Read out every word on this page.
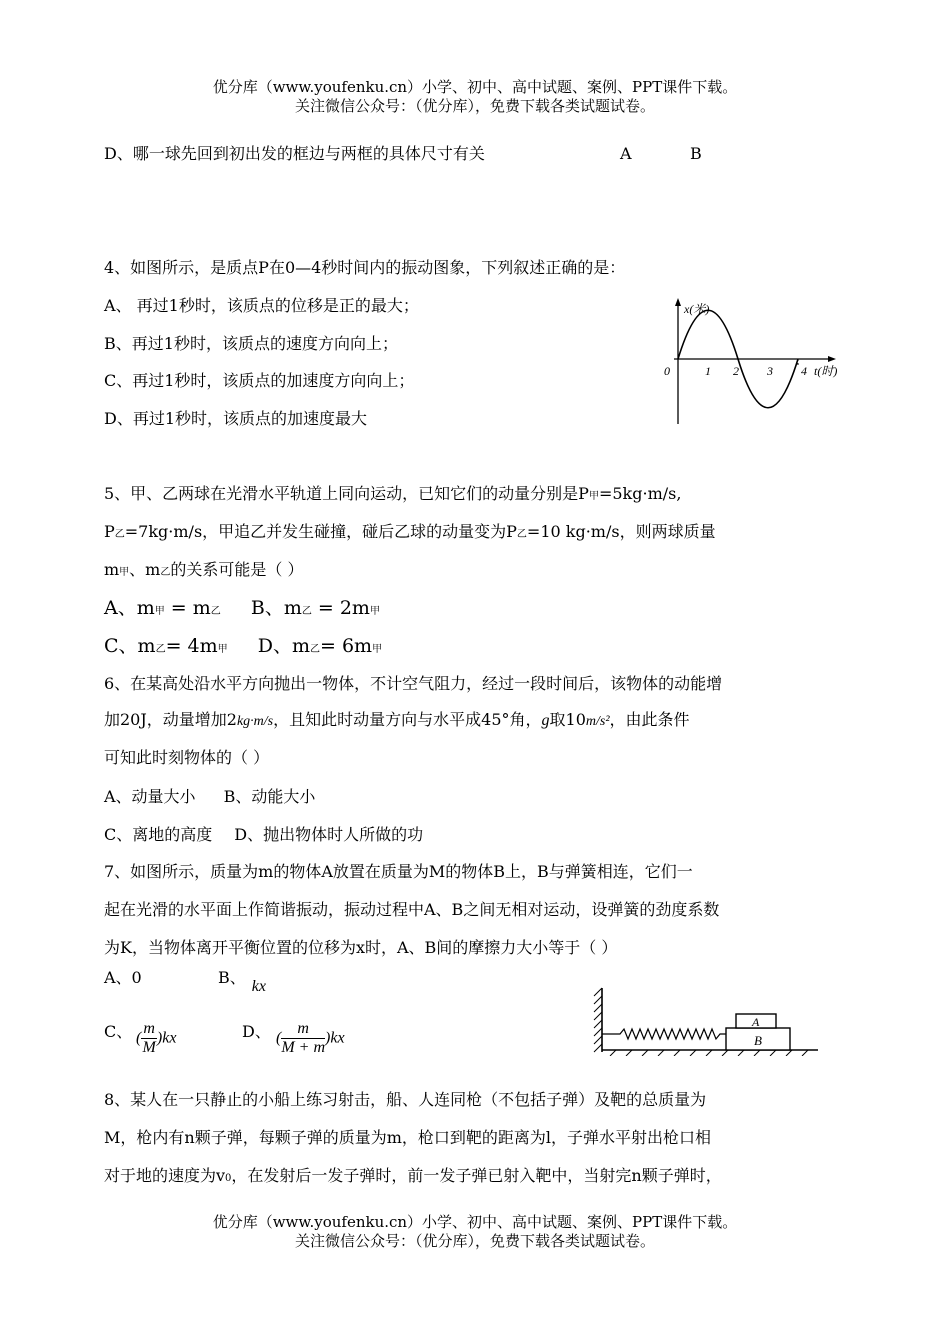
优分库（www.youfenku.cn）小学、初中、高中试题、案例、PPT课件下载。
关注微信公众号：（优分库），免费下载各类试题试卷。
D、哪一球先回到初出发的框边与两框的具体尺寸有关	A	B
4、如图所示，是质点P在0—4秒时间内的振动图象，下列叙述正确的是：
A、 再过1秒时，该质点的位移是正的最大；
B、再过1秒时，该质点的速度方向向上；
C、再过1秒时，该质点的加速度方向向上；
D、再过1秒时，该质点的加速度最大
x(米)
0	1 2 3 4 t(时)
5、甲、乙两球在光滑水平轨道上同向运动，已知它们的动量分别是P甲=5kg·m/s,
P乙=7kg·m/s，甲追乙并发生碰撞，碰后乙球的动量变为P乙=10 kg·m/s，则两球质量
m甲、m乙的关系可能是（ ）
A、m甲 = m乙 B、m乙 = 2m甲
C、m乙= 4m甲 D、m乙= 6m甲
6、在某高处沿水平方向抛出一物体，不计空气阻力，经过一段时间后，该物体的动能增
加20J，动量增加2kg·m/s，且知此时动量方向与水平成45°角，g取10m/s²，由此条件
可知此时刻物体的（ ）
A、动量大小 B、动能大小
C、离地的高度 D、抛出物体时人所做的功
7、如图所示，质量为m的物体A放置在质量为M的物体B上，B与弹簧相连，它们一
起在光滑的水平面上作简谐振动，振动过程中A、B之间无相对运动，设弹簧的劲度系数
为K，当物体离开平衡位置的位移为x时，A、B间的摩擦力大小等于（ ）
A、0	B、 kx
C、 ( $\frac{m}{M} )kx$	D、 ( $\frac{m}{M + m} )kx$
A
B
8、某人在一只静止的小船上练习射击，船、人连同枪（不包括子弹）及靶的总质量为
M，枪内有n颗子弹，每颗子弹的质量为m，枪口到靶的距离为l，子弹水平射出枪口相
对于地的速度为v0，在发射后一发子弹时，前一发子弹已射入靶中，当射完n颗子弹时，
优分库（www.youfenku.cn）小学、初中、高中试题、案例、PPT课件下载。
关注微信公众号：（优分库），免费下载各类试题试卷。
